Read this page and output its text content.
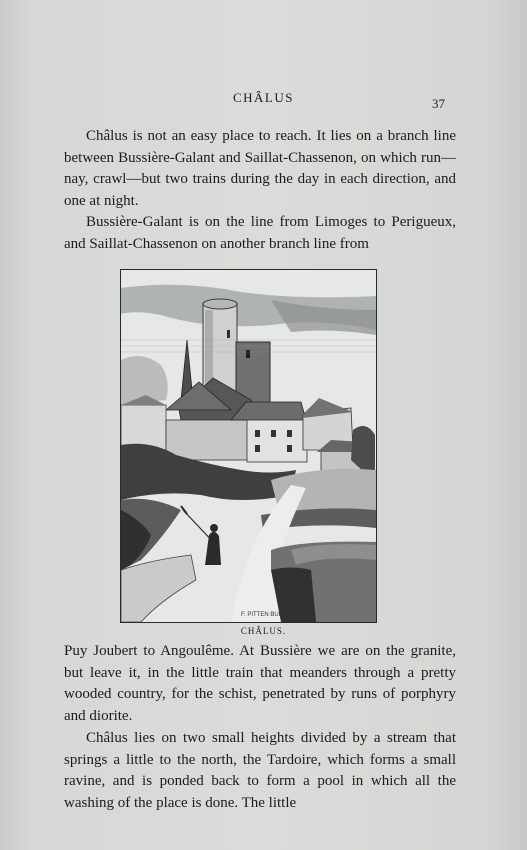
CHÂLUS	37

Châlus is not an easy place to reach. It lies on a branch line between Bussière-Galant and Saillat-Chassenon, on which run—nay, crawl—but two trains during the day in each direction, and one at night.

Bussière-Galant is on the line from Limoges to Perigueux, and Saillat-Chassenon on another branch line from

F. PITTEN BURTON
CHÂLUS.

Puy Joubert to Angoulême. At Bussière we are on the granite, but leave it, in the little train that meanders through a pretty wooded country, for the schist, penetrated by runs of porphyry and diorite.

Châlus lies on two small heights divided by a stream that springs a little to the north, the Tardoire, which forms a small ravine, and is ponded back to form a pool in which all the washing of the place is done. The little
